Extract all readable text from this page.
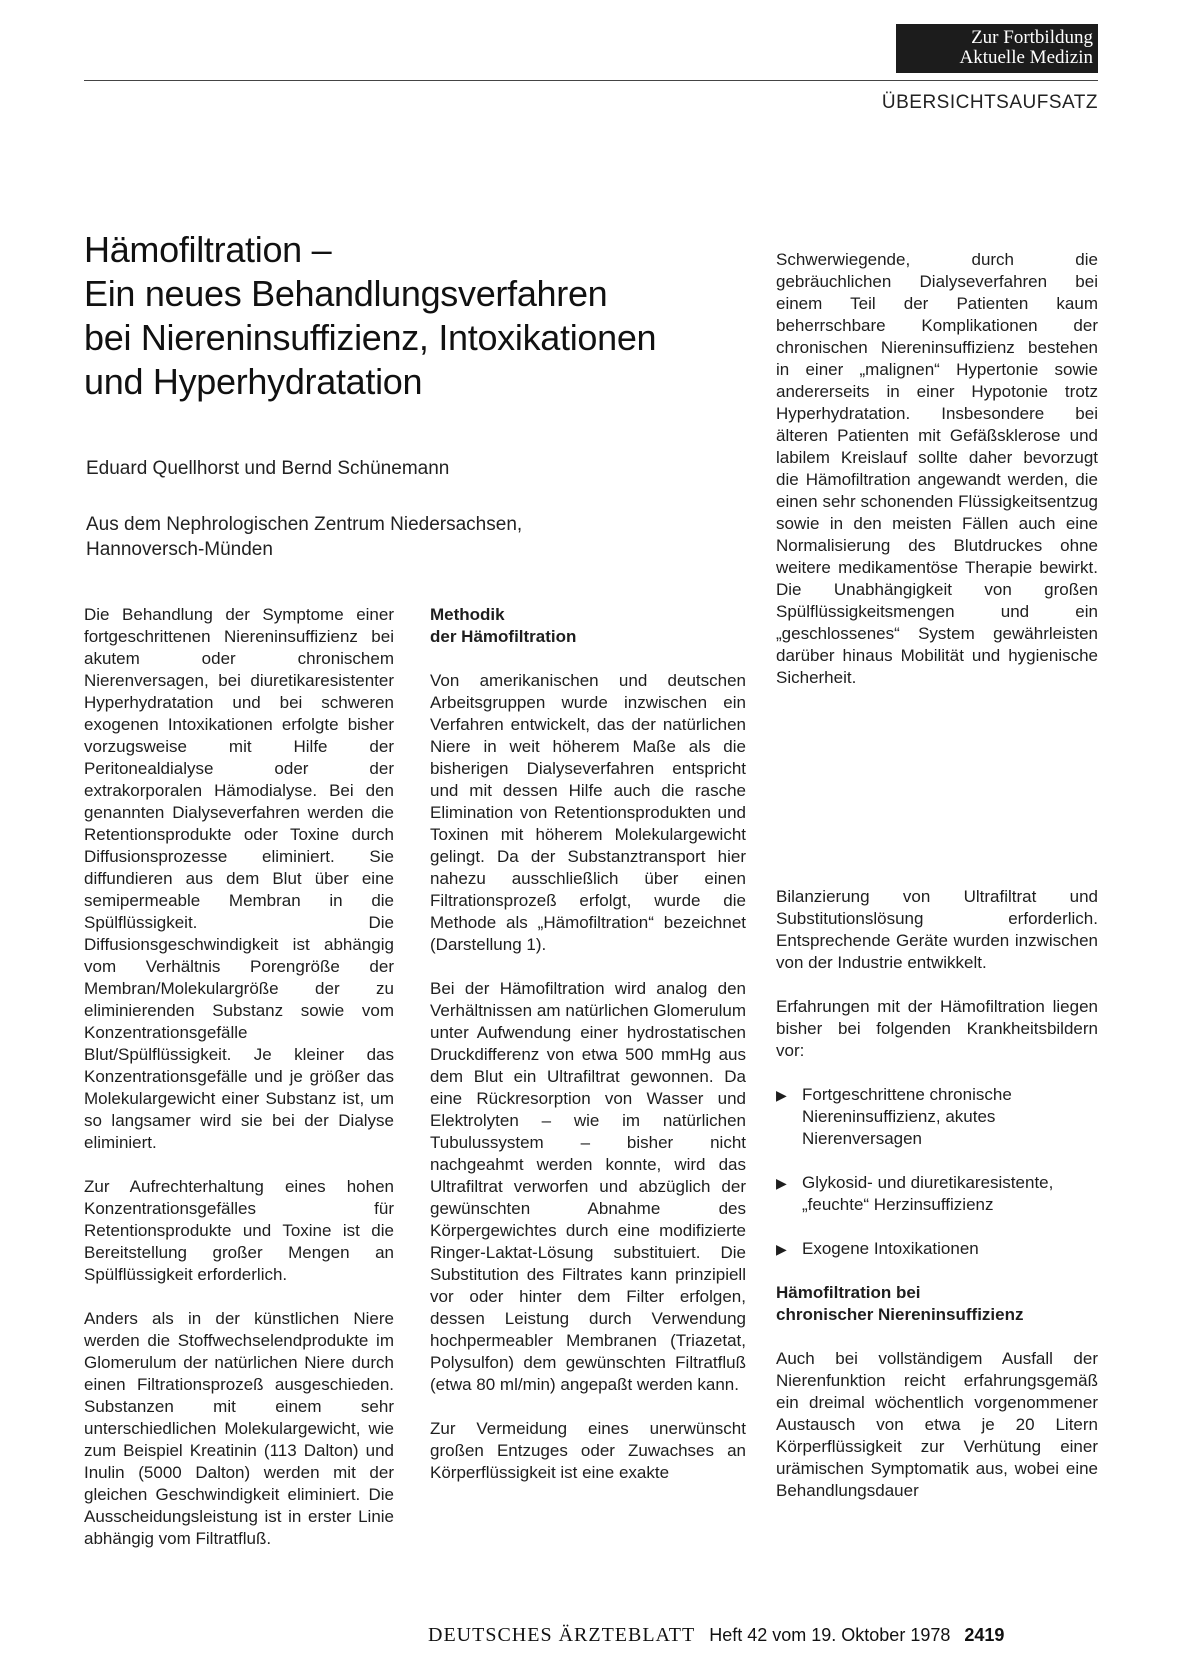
Zur Fortbildung
Aktuelle Medizin
ÜBERSICHTSAUFSATZ
Hämofiltration –
Ein neues Behandlungsverfahren
bei Niereninsuffizienz, Intoxikationen
und Hyperhydratation
Eduard Quellhorst und Bernd Schünemann
Aus dem Nephrologischen Zentrum Niedersachsen,
Hannoversch-Münden

Die Behandlung der Symptome einer fortgeschrittenen Niereninsuffizienz bei akutem oder chronischem Nierenversagen, bei diuretikaresistenter Hyperhydratation und bei schweren exogenen Intoxikationen erfolgte bisher vorzugsweise mit Hilfe der Peritonealdialyse oder der extrakorporalen Hämodialyse. Bei den genannten Dialyseverfahren werden die Retentionsprodukte oder Toxine durch Diffusionsprozesse eliminiert. Sie diffundieren aus dem Blut über eine semipermeable Membran in die Spülflüssigkeit. Die Diffusionsgeschwindigkeit ist abhängig vom Verhältnis Porengröße der Membran/Molekulargröße der zu eliminierenden Substanz sowie vom Konzentrationsgefälle Blut/Spülflüssigkeit. Je kleiner das Konzentrationsgefälle und je größer das Molekulargewicht einer Substanz ist, um so langsamer wird sie bei der Dialyse eliminiert.

Zur Aufrechterhaltung eines hohen Konzentrationsgefälles für Retentionsprodukte und Toxine ist die Bereitstellung großer Mengen an Spülflüssigkeit erforderlich.

Anders als in der künstlichen Niere werden die Stoffwechselendprodukte im Glomerulum der natürlichen Niere durch einen Filtrationsprozeß ausgeschieden. Substanzen mit einem sehr unterschiedlichen Molekulargewicht, wie zum Beispiel Kreatinin (113 Dalton) und Inulin (5000 Dalton) werden mit der gleichen Geschwindigkeit eliminiert. Die Ausscheidungsleistung ist in erster Linie abhängig vom Filtratfluß.

Methodik
der Hämofiltration

Von amerikanischen und deutschen Arbeitsgruppen wurde inzwischen ein Verfahren entwickelt, das der natürlichen Niere in weit höherem Maße als die bisherigen Dialyseverfahren entspricht und mit dessen Hilfe auch die rasche Elimination von Retentionsprodukten und Toxinen mit höherem Molekulargewicht gelingt. Da der Substanztransport hier nahezu ausschließlich über einen Filtrationsprozeß erfolgt, wurde die Methode als „Hämofiltration“ bezeichnet (Darstellung 1).

Bei der Hämofiltration wird analog den Verhältnissen am natürlichen Glomerulum unter Aufwendung einer hydrostatischen Druckdifferenz von etwa 500 mmHg aus dem Blut ein Ultrafiltrat gewonnen. Da eine Rückresorption von Wasser und Elektrolyten – wie im natürlichen Tubulussystem – bisher nicht nachgeahmt werden konnte, wird das Ultrafiltrat verworfen und abzüglich der gewünschten Abnahme des Körpergewichtes durch eine modifizierte Ringer-Laktat-Lösung substituiert. Die Substitution des Filtrates kann prinzipiell vor oder hinter dem Filter erfolgen, dessen Leistung durch Verwendung hochpermeabler Membranen (Triazetat, Polysulfon) dem gewünschten Filtratfluß (etwa 80 ml/min) angepaßt werden kann.

Zur Vermeidung eines unerwünscht großen Entzuges oder Zuwachses an Körperflüssigkeit ist eine exakte

Schwerwiegende, durch die gebräuchlichen Dialyseverfahren bei einem Teil der Patienten kaum beherrschbare Komplikationen der chronischen Niereninsuffizienz bestehen in einer „malignen“ Hypertonie sowie andererseits in einer Hypotonie trotz Hyperhydratation. Insbesondere bei älteren Patienten mit Gefäßsklerose und labilem Kreislauf sollte daher bevorzugt die Hämofiltration angewandt werden, die einen sehr schonenden Flüssigkeitsentzug sowie in den meisten Fällen auch eine Normalisierung des Blutdruckes ohne weitere medikamentöse Therapie bewirkt. Die Unabhängigkeit von großen Spülflüssigkeitsmengen und ein „geschlossenes“ System gewährleisten darüber hinaus Mobilität und hygienische Sicherheit.

Bilanzierung von Ultrafiltrat und Substitutionslösung erforderlich. Entsprechende Geräte wurden inzwischen von der Industrie entwikkelt.

Erfahrungen mit der Hämofiltration liegen bisher bei folgenden Krankheitsbildern vor:

▶ Fortgeschrittene chronische Niereninsuffizienz, akutes Nierenversagen
▶ Glykosid- und diuretikaresistente, „feuchte“ Herzinsuffizienz
▶ Exogene Intoxikationen
Hämofiltration bei
chronischer Niereninsuffizienz

Auch bei vollständigem Ausfall der Nierenfunktion reicht erfahrungsgemäß ein dreimal wöchentlich vorgenommener Austausch von etwa je 20 Litern Körperflüssigkeit zur Verhütung einer urämischen Symptomatik aus, wobei eine Behandlungsdauer

DEUTSCHES ÄRZTEBLATT Heft 42 vom 19. Oktober 1978 2419
